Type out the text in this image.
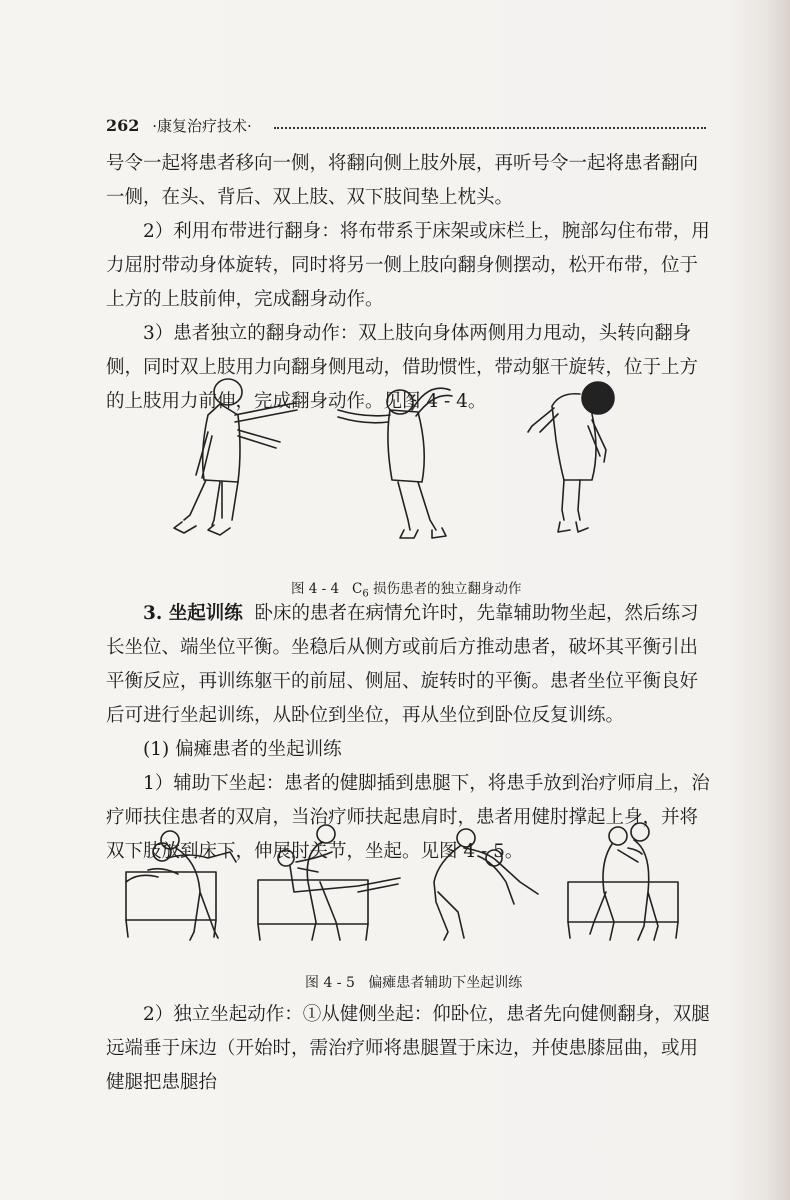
262 ·康复治疗技术·

号令一起将患者移向一侧，将翻向侧上肢外展，再听号令一起将患者翻向一侧，在头、背后、双上肢、双下肢间垫上枕头。

2）利用布带进行翻身：将布带系于床架或床栏上，腕部勾住布带，用力屈肘带动身体旋转，同时将另一侧上肢向翻身侧摆动，松开布带，位于上方的上肢前伸，完成翻身动作。

3）患者独立的翻身动作：双上肢向身体两侧用力甩动，头转向翻身侧，同时双上肢用力向翻身侧甩动，借助惯性，带动躯干旋转，位于上方的上肢用力前伸，完成翻身动作。见图 4 - 4。

图 4 - 4 $C_6$ 损伤患者的独立翻身动作

3. 坐起训练 卧床的患者在病情允许时，先靠辅助物坐起，然后练习长坐位、端坐位平衡。坐稳后从侧方或前后方推动患者，破坏其平衡引出平衡反应，再训练躯干的前屈、侧屈、旋转时的平衡。患者坐位平衡良好后可进行坐起训练，从卧位到坐位，再从坐位到卧位反复训练。

(1) 偏瘫患者的坐起训练

1）辅助下坐起：患者的健脚插到患腿下，将患手放到治疗师肩上，治疗师扶住患者的双肩，当治疗师扶起患肩时，患者用健肘撑起上身，并将双下肢放到床下，伸展肘关节，坐起。见图 4 - 5。

图 4 - 5 偏瘫患者辅助下坐起训练

2）独立坐起动作：①从健侧坐起：仰卧位，患者先向健侧翻身，双腿远端垂于床边（开始时，需治疗师将患腿置于床边，并使患膝屈曲，或用健腿把患腿抬
